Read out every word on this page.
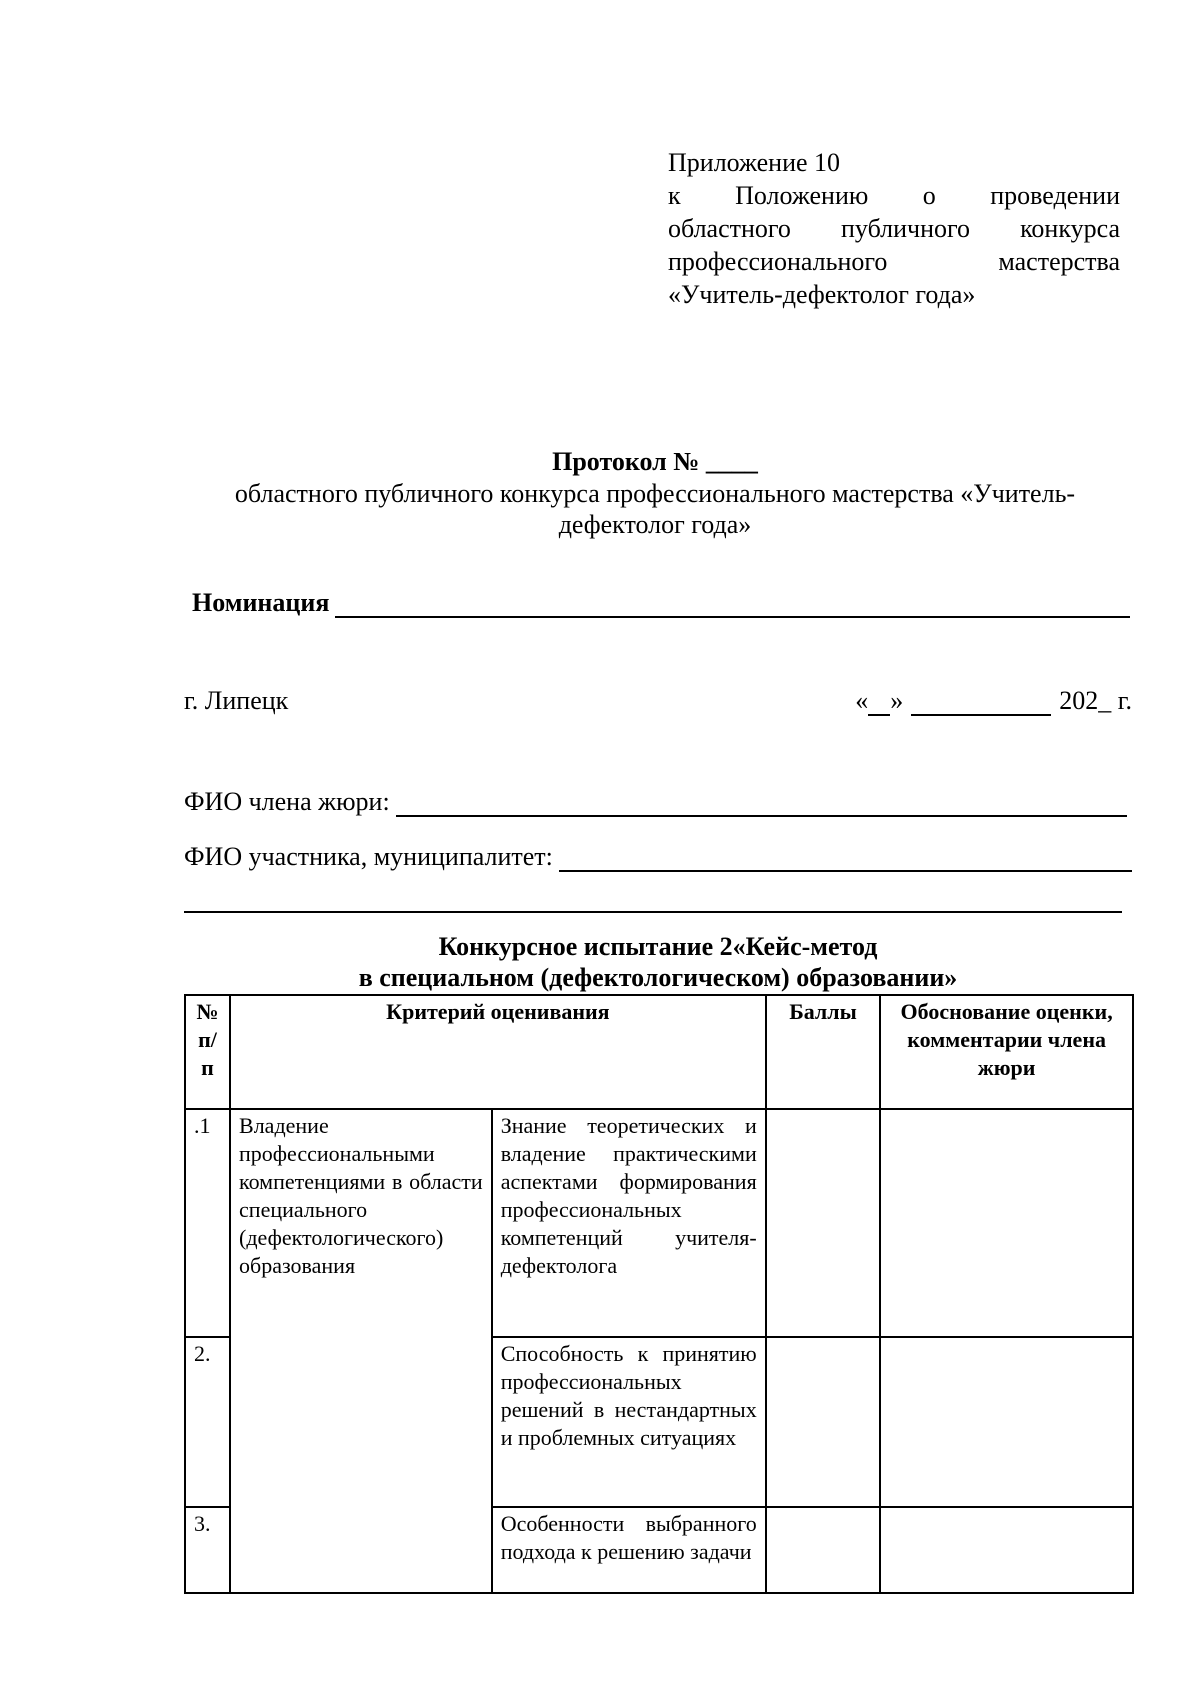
Приложение 10
к Положению о проведении
областного публичного конкурса
профессионального мастерства
«Учитель-дефектолог года»
Протокол № ____
областного публичного конкурса профессионального мастерства «Учитель-дефектолог года»
Номинация
г. Липецк	« »	202_ г.
ФИО члена жюри:
ФИО участника, муниципалитет:
Конкурсное испытание 2«Кейс-метод
в специальном (дефектологическом) образовании»
№ п/п	Критерий оценивания		Баллы	Обоснование оценки, комментарии члена жюри
.1	Владение профессиональными компетенциями в области специального (дефектологического) образования	Знание теоретических и владение практическими аспектами формирования профессиональных компетенций учителя-дефектолога		
2.		Способность к принятию профессиональных решений в нестандартных и проблемных ситуациях		
3.		Особенности выбранного подхода к решению задачи		
